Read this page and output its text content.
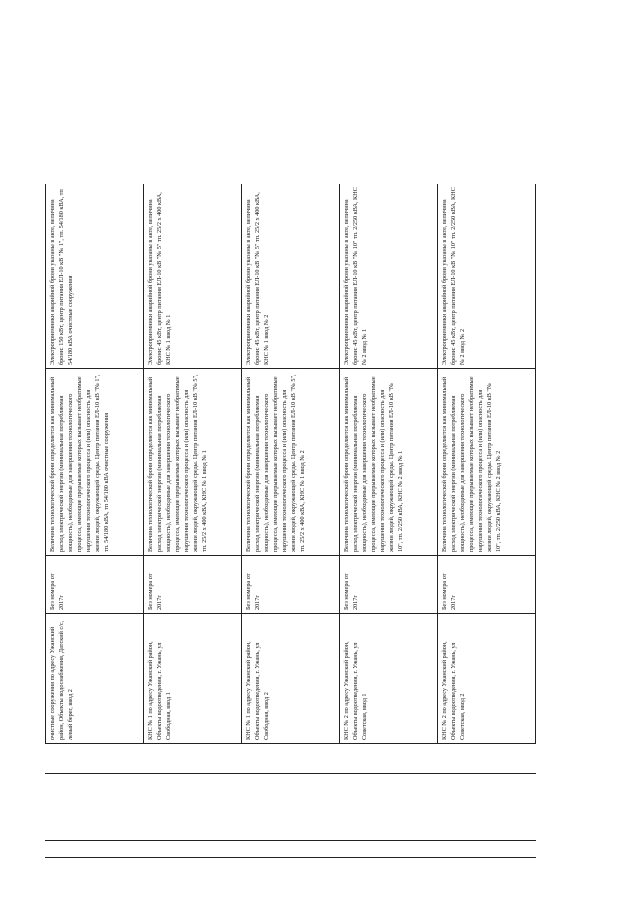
очистные сооружения по адресу Ужанский район, Объекты водоснабжения, Датский с/с, левый берег, ввод 2	Без номера от 2017г	Величина технологической брони определяется как минимальный расход электрической энергии (минимальная потребляемая мощность), необходимые для завершения технологического процесса, имеющие прерываемые которых вызывает необратимые нарушения технологического процесса и (или) опасность для жизни людей, окружающей среды. Центр питания ЕЛ-10 кВ "№ 1", тп. 54/180 кВА, тп 54/180 кВА очистные сооружения	Электроприемники аварийной брони указаны в акте, величина брони: 150 кВт, центр питания ЕЛ-10 кВ "№ 1", тп. 54/180 кВА, тп 54/180 кВА очистные сооружения
КНС № 1 по адресу Ужанский район, Объекты водоотведения, г. Ужань, ул Свободная, ввод 1	Без номера от 2017г	Величина технологической брони определяется как минимальный расход электрической энергии (минимальная потребляемая мощность), необходимые для завершения технологического процесса, имеющие прерываемые которых вызывает необратимые нарушения технологического процесса и (или) опасность для жизни людей, окружающей среды. Центр питания ЕЛ-10 кВ "№ 5", тп. 25/2 х 400 кВА, КНС № 1 ввод № 1	Электроприемники аварийной брони указаны в акте, величина брони: 45 кВт, центр питания ЕЛ-10 кВ "№ 5" тп. 25/2 х 400 кВА, КНС № 1 ввод № 1
КНС № 1 по адресу Ужанский район, Объекты водоотведения, г. Ужань, ул Свободная, ввод 2	Без номера от 2017г	Величина технологической брони определяется как минимальный расход электрической энергии (минимальная потребляемая мощность), необходимые для завершения технологического процесса, имеющие прерываемые которых вызывает необратимые нарушения технологического процесса и (или) опасность для жизни людей, окружающей среды. Центр питания ЕЛ-10 кВ "№ 5", тп. 25/2 х 400 кВА, КНС № 1 ввод № 2	Электроприемники аварийной брони указаны в акте, величина брони: 45 кВт, центр питания ЕЛ-10 кВ "№ 5" тп. 25/2 х 400 кВА, КНС № 1 ввод № 2
КНС № 2 по адресу Ужанский район, Объекты водоотведения, г. Ужань, ул Советская, ввод 1	Без номера от 2017г	Величина технологической брони определяется как минимальный расход электрической энергии (минимальная потребляемая мощность), необходимые для завершения технологического процесса, имеющие прерываемые которых вызывает необратимые нарушения технологического процесса и (или) опасность для жизни людей, окружающей среды. Центр питания ЕЛ-10 кВ "№ 10", тп. 2/250 кВА, КНС № 2 ввод № 1	Электроприемники аварийной брони указаны в акте, величина брони: 45 кВт, центр питания ЕЛ-10 кВ "№ 10" тп. 2/250 кВА, КНС № 2 ввод № 1
КНС № 2 по адресу Ужанский район, Объекты водоотведения, г. Ужань, ул Советская, ввод 2	Без номера от 2017г	Величина технологической брони определяется как минимальный расход электрической энергии (минимальная потребляемая мощность), необходимые для завершения технологического процесса, имеющие прерываемые которых вызывает необратимые нарушения технологического процесса и (или) опасность для жизни людей, окружающей среды. Центр питания ЕЛ-10 кВ "№ 10", тп. 2/250 кВА, КНС № 2 ввод № 2	Электроприемники аварийной брони указаны в акте, величина брони: 45 кВт, центр питания ЕЛ-10 кВ "№ 10" тп. 2/250 кВА, КНС № 2 ввод № 2
